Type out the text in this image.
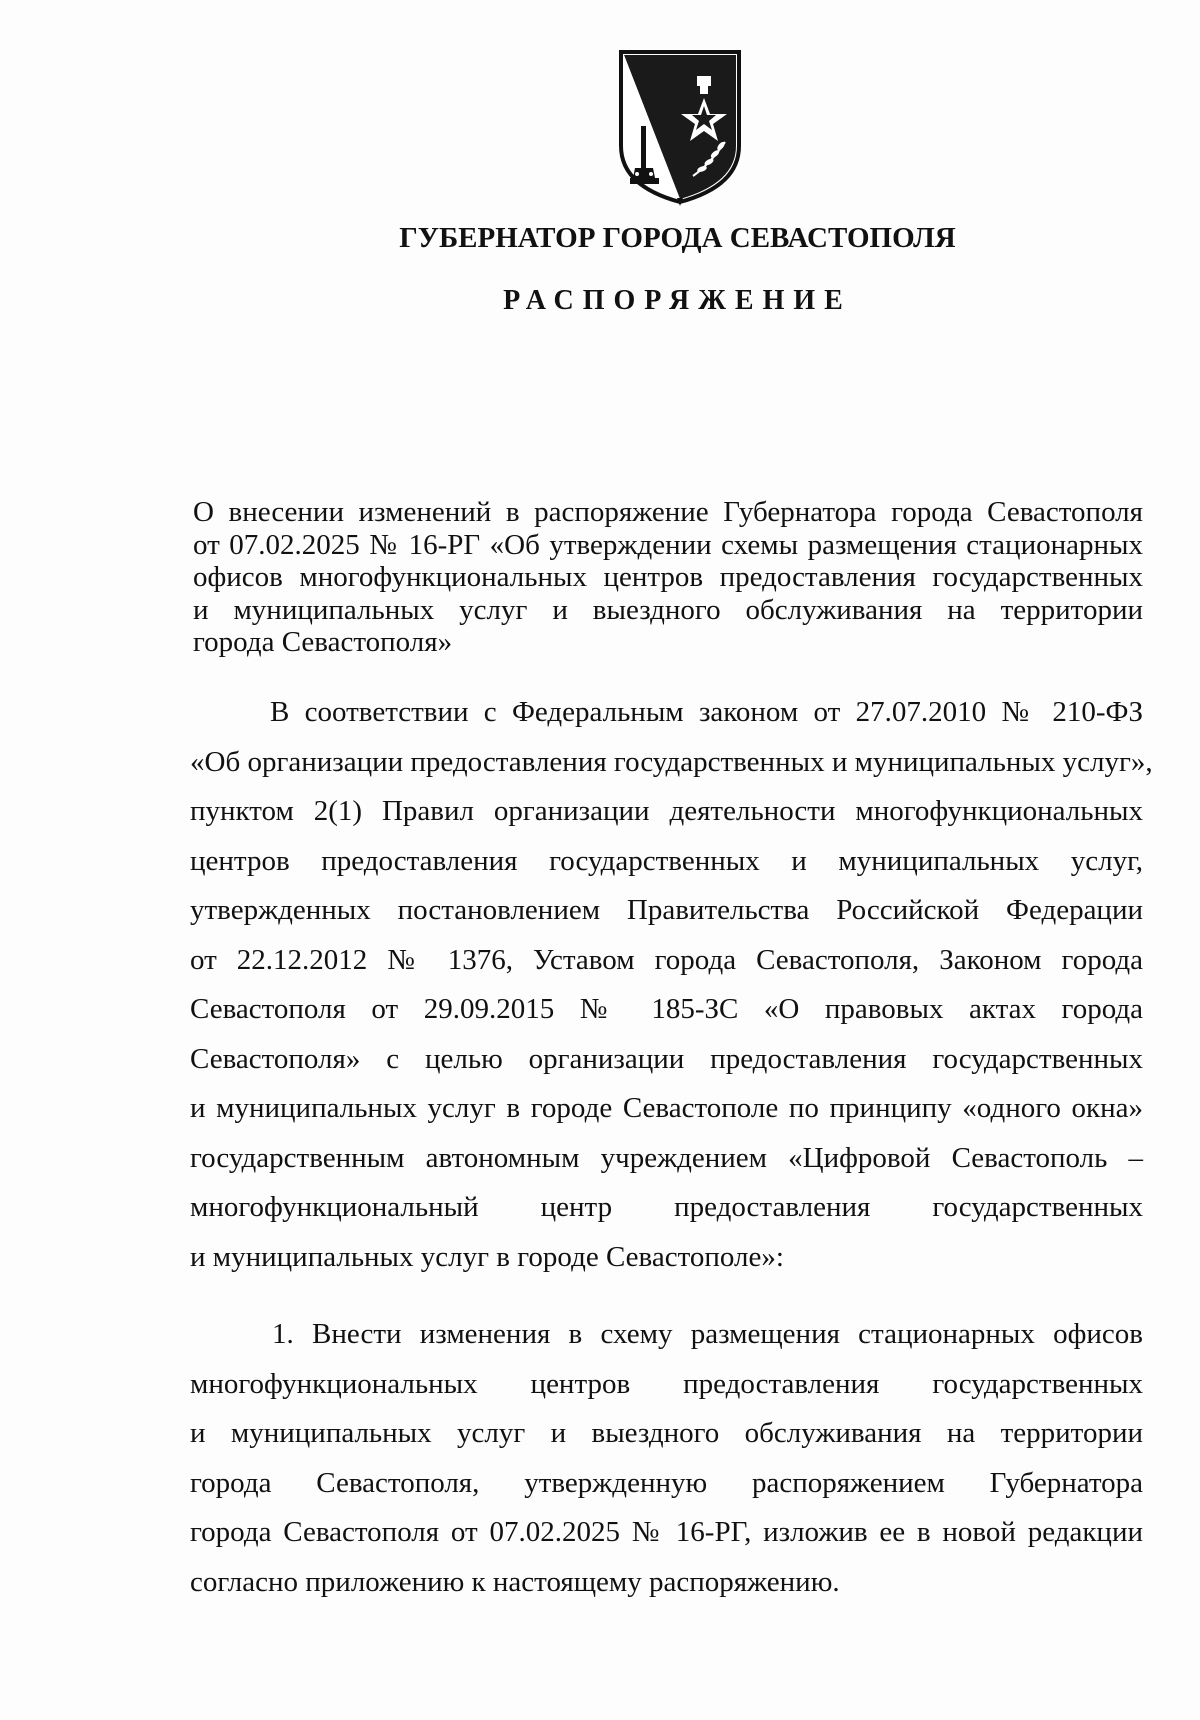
ГУБЕРНАТОР ГОРОДА СЕВАСТОПОЛЯ
РАСПОРЯЖЕНИЕ
О внесении изменений в распоряжение Губернатора города Севастополя
от 07.02.2025 № 16-РГ «Об утверждении схемы размещения стационарных
офисов многофункциональных центров предоставления государственных
и муниципальных услуг и выездного обслуживания на территории
города Севастополя»
В соответствии с Федеральным законом от 27.07.2010 № 210-ФЗ
«Об организации предоставления государственных и муниципальных услуг»,
пунктом 2(1) Правил организации деятельности многофункциональных
центров предоставления государственных и муниципальных услуг,
утвержденных постановлением Правительства Российской Федерации
от 22.12.2012 № 1376, Уставом города Севастополя, Законом города
Севастополя от 29.09.2015 № 185-ЗС «О правовых актах города
Севастополя» с целью организации предоставления государственных
и муниципальных услуг в городе Севастополе по принципу «одного окна»
государственным автономным учреждением «Цифровой Севастополь –
многофункциональный центр предоставления государственных
и муниципальных услуг в городе Севастополе»:
1. Внести изменения в схему размещения стационарных офисов
многофункциональных центров предоставления государственных
и муниципальных услуг и выездного обслуживания на территории
города Севастополя, утвержденную распоряжением Губернатора
города Севастополя от 07.02.2025 № 16-РГ, изложив ее в новой редакции
согласно приложению к настоящему распоряжению.
